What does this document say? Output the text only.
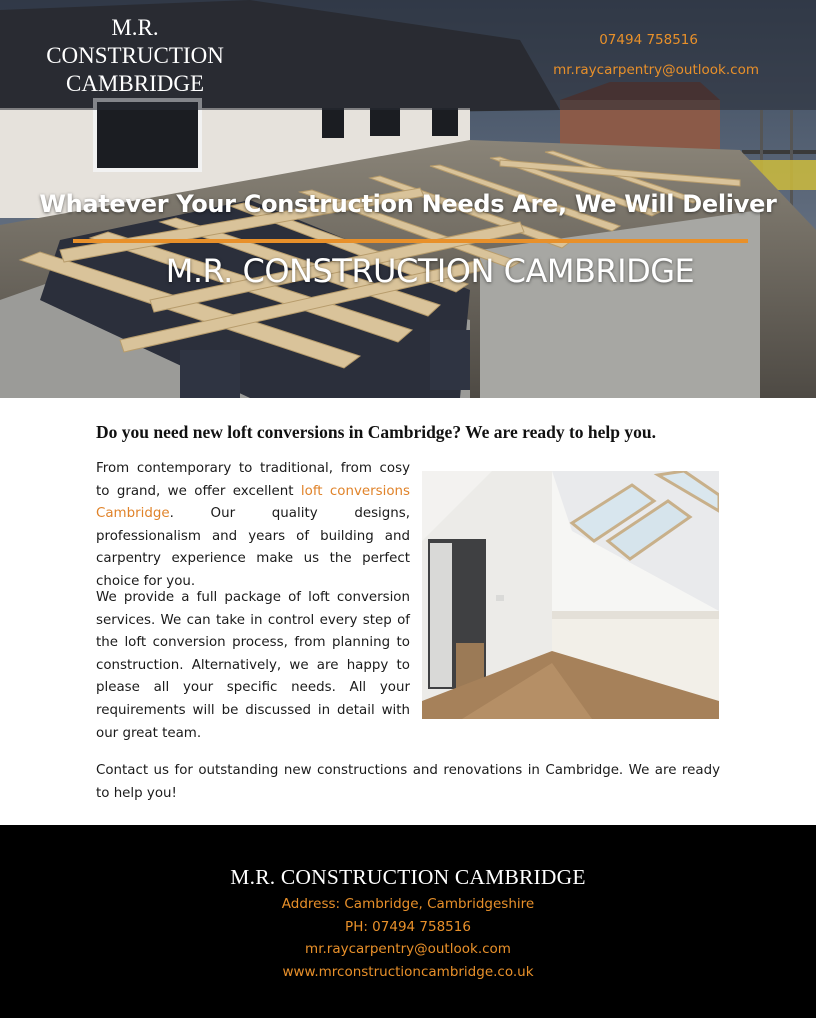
M.R.
CONSTRUCTION
CAMBRIDGE
07494 758516
mr.raycarpentry@outlook.com
Whatever Your Construction Needs Are, We Will Deliver
M.R. CONSTRUCTION CAMBRIDGE
Do you need new loft conversions in Cambridge? We are ready to help you.

From contemporary to traditional, from cosy to grand, we offer excellent loft conversions Cambridge. Our quality designs, professionalism and years of building and carpentry experience make us the perfect choice for you.

We provide a full package of loft conversion services. We can take in control every step of the loft conversion process, from planning to construction. Alternatively, we are happy to please all your specific needs. All your requirements will be discussed in detail with our great team.

Contact us for outstanding new constructions and renovations in Cambridge. We are ready to help you!

M.R. CONSTRUCTION CAMBRIDGE
Address: Cambridge, Cambridgeshire
PH: 07494 758516
mr.raycarpentry@outlook.com
www.mrconstructioncambridge.co.uk
